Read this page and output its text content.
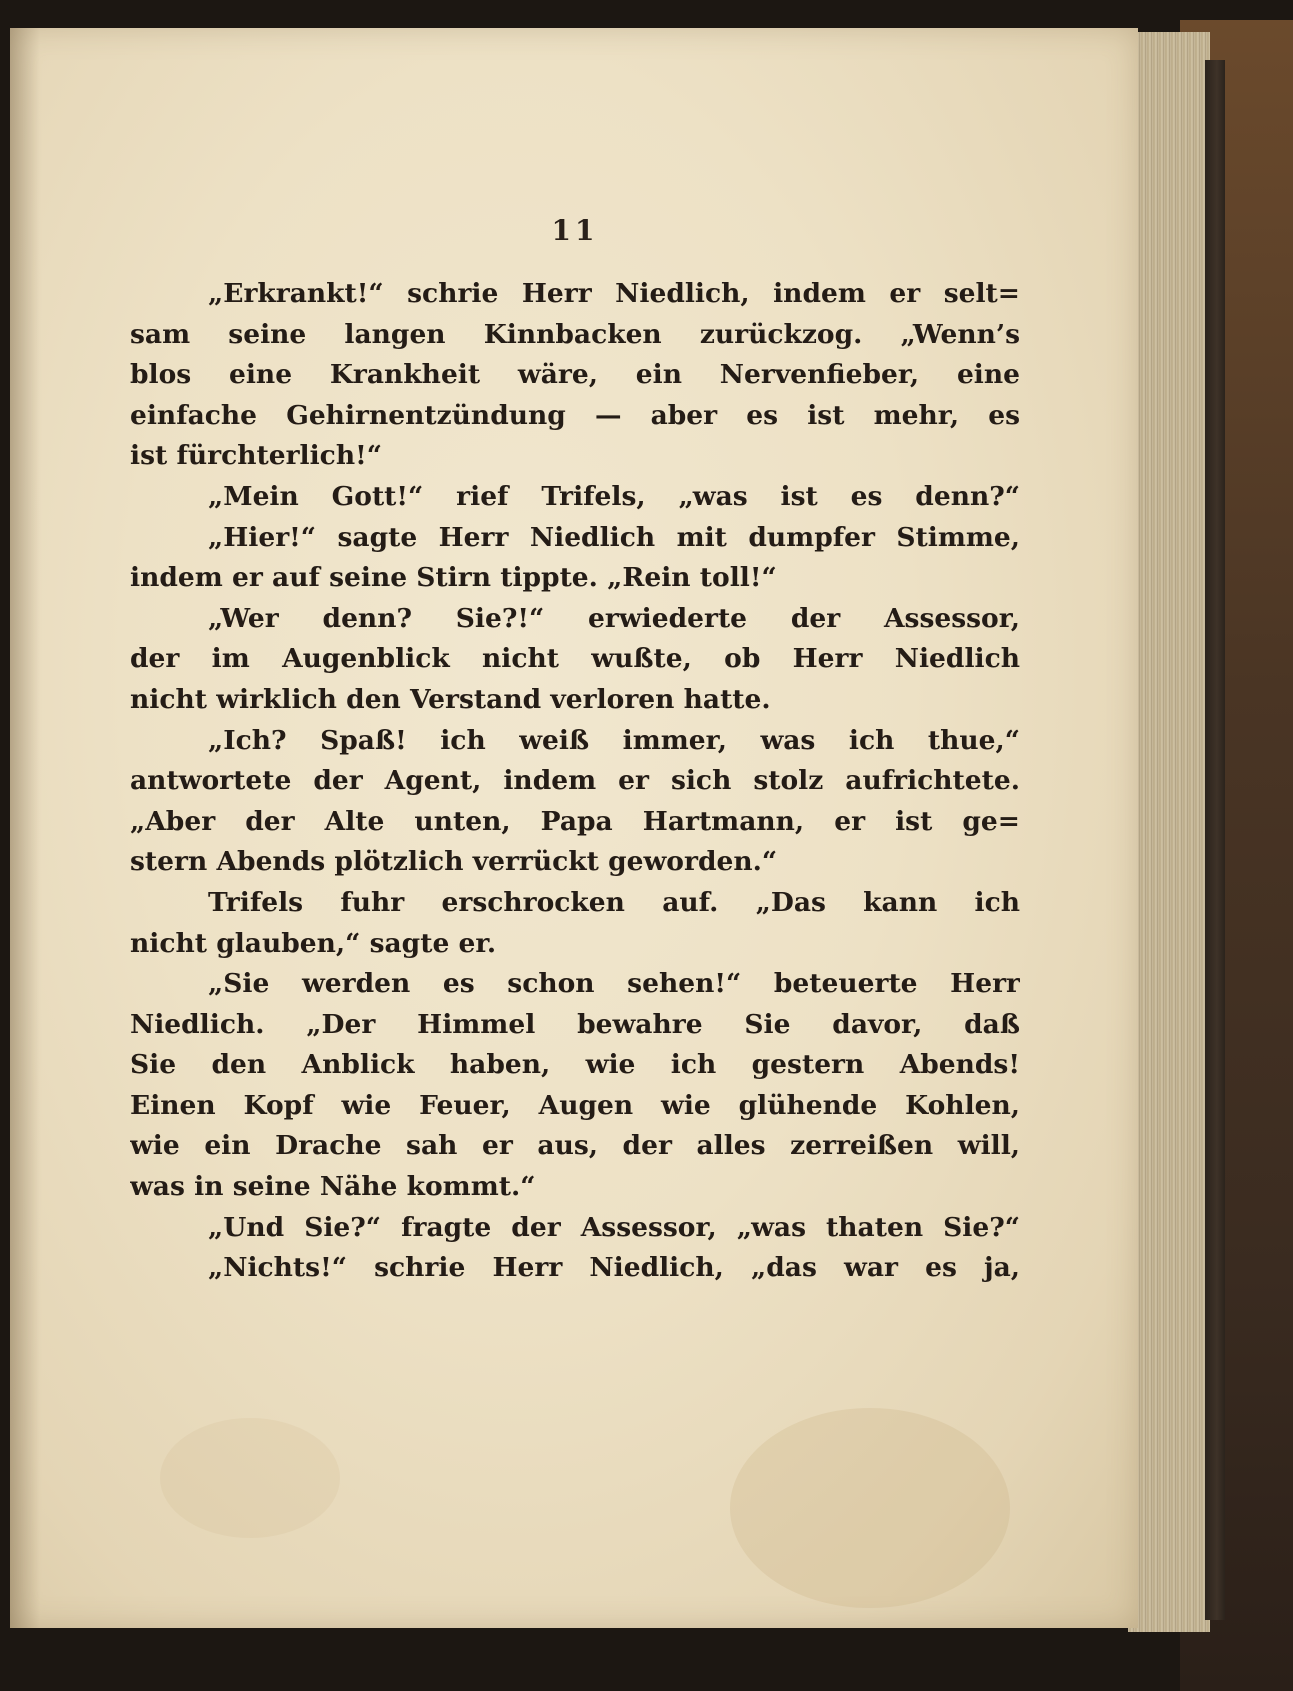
11
„Erkrankt!“ schrie Herr Niedlich, indem er selt=
sam seine langen Kinnbacken zurückzog. „Wenn’s
blos eine Krankheit wäre, ein Nervenfieber, eine
einfache Gehirnentzündung — aber es ist mehr, es
ist fürchterlich!“
„Mein Gott!“ rief Trifels, „was ist es denn?“
„Hier!“ sagte Herr Niedlich mit dumpfer Stimme,
indem er auf seine Stirn tippte. „Rein toll!“
„Wer denn? Sie?!“ erwiederte der Assessor,
der im Augenblick nicht wußte, ob Herr Niedlich
nicht wirklich den Verstand verloren hatte.
„Ich? Spaß! ich weiß immer, was ich thue,“
antwortete der Agent, indem er sich stolz aufrichtete.
„Aber der Alte unten, Papa Hartmann, er ist ge=
stern Abends plötzlich verrückt geworden.“
Trifels fuhr erschrocken auf. „Das kann ich
nicht glauben,“ sagte er.
„Sie werden es schon sehen!“ beteuerte Herr
Niedlich. „Der Himmel bewahre Sie davor, daß
Sie den Anblick haben, wie ich gestern Abends!
Einen Kopf wie Feuer, Augen wie glühende Kohlen,
wie ein Drache sah er aus, der alles zerreißen will,
was in seine Nähe kommt.“
„Und Sie?“ fragte der Assessor, „was thaten Sie?“
„Nichts!“ schrie Herr Niedlich, „das war es ja,
